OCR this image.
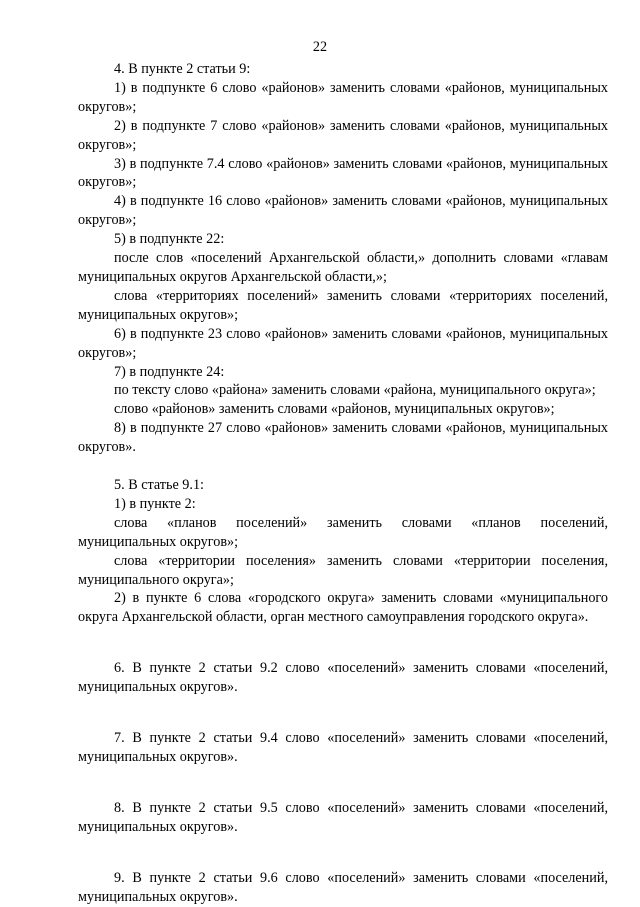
22

4. В пункте 2 статьи 9:

1) в подпункте 6 слово «районов» заменить словами «районов, муниципальных округов»;

2) в подпункте 7 слово «районов» заменить словами «районов, муниципальных округов»;

3) в подпункте 7.4 слово «районов» заменить словами «районов, муниципальных округов»;

4) в подпункте 16 слово «районов» заменить словами «районов, муниципальных округов»;

5) в подпункте 22:

после слов «поселений Архангельской области,» дополнить словами «главам муниципальных округов Архангельской области,»;

слова «территориях поселений» заменить словами «территориях поселений, муниципальных округов»;

6) в подпункте 23 слово «районов» заменить словами «районов, муниципальных округов»;

7) в подпункте 24:

по тексту слово «района» заменить словами «района, муниципального округа»;

слово «районов» заменить словами «районов, муниципальных округов»;

8) в подпункте 27 слово «районов» заменить словами «районов, муниципальных округов».

5. В статье 9.1:

1) в пункте 2:

слова «планов поселений» заменить словами «планов поселений, муниципальных округов»;

слова «территории поселения» заменить словами «территории поселения, муниципального округа»;

2) в пункте 6 слова «городского округа» заменить словами «муниципального округа Архангельской области, орган местного самоуправления городского округа».

6. В пункте 2 статьи 9.2 слово «поселений» заменить словами «поселений, муниципальных округов».

7. В пункте 2 статьи 9.4 слово «поселений» заменить словами «поселений, муниципальных округов».

8. В пункте 2 статьи 9.5 слово «поселений» заменить словами «поселений, муниципальных округов».

9. В пункте 2 статьи 9.6 слово «поселений» заменить словами «поселений, муниципальных округов».
